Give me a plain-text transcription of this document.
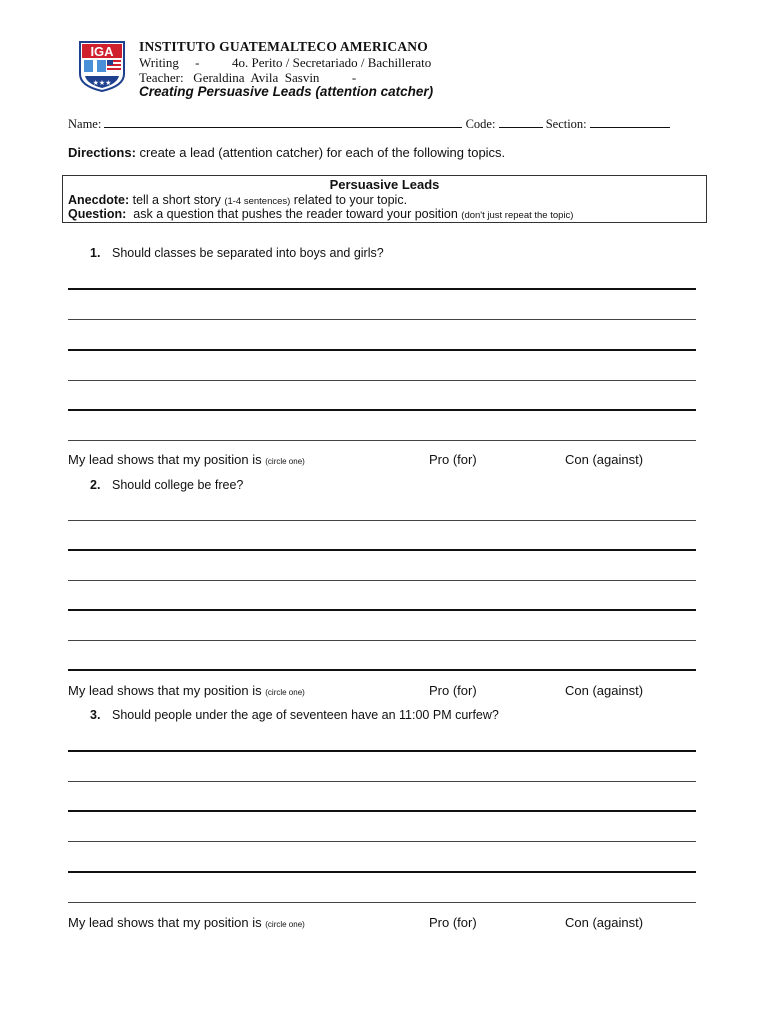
IGA
★★★
INSTITUTO GUATEMALTECO AMERICANO
Writing     -          4o. Perito / Secretariado / Bachillerato
Teacher:   Geraldina  Avila  Sasvin          -
Creating Persuasive Leads (attention catcher)
Name:	Code:	Section:
Directions: create a lead (attention catcher) for each of the following topics.
Persuasive Leads
Anecdote: tell a short story (1-4 sentences) related to your topic.
Question:  ask a question that pushes the reader toward your position (don't just repeat the topic)
1. Should classes be separated into boys and girls?
My lead shows that my position is (circle one)	Pro (for)	Con (against)
2. Should college be free?
My lead shows that my position is (circle one)	Pro (for)	Con (against)
3. Should people under the age of seventeen have an 11:00 PM curfew?
My lead shows that my position is (circle one)	Pro (for)	Con (against)
